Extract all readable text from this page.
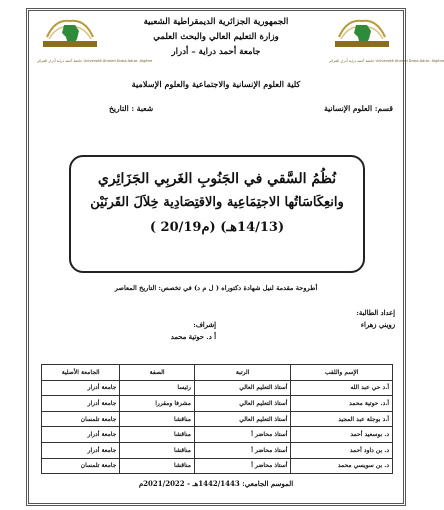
جامعة أحمد دراية أدرار الجزائر Université Ahmed Draia-Adrar- Algérie	جامعة أحمد دراية أدرار الجزائر Université Ahmed Draia-Adrar- Algérie
الجمهورية الجزائرية الديمقراطية الشعبية
وزارة التعليم العالي والبحث العلمي
جامعة أحمد دراية – أدرار
كلية العلوم الإنسانية والاجتماعية والعلوم الإسلامية
قسم: العلوم الإنسانية
شعبة : التاريخ
نُظُمُ السَّقي في الجَنُوبِ الغَربِي الجَزَائِري
وانعِكَاسَاتُها الاجتِمَاعِية والاقتِصَادِية خِلاَلَ القَرنَيْن
( 20/19م) (14/13هـ)
أطروحة مقدمة لنيل شهادة دكتوراه ( ل م د) في تخصص: التاريخ المعاصر
إعداد الطالبة:
زويني زهراء
إشراف:
أ د. حوتية محمد
الإسم واللقب	الرتبة	الصفة	الجامعة الأصلية
أ.د حي عبد الله	أستاذ التعليم العالي	رئيسا	جامعة أدرار
أ.د. حوتية محمد	أستاذ التعليم العالي	مشرفا ومقررا	جامعة أدرار
أ.د بوجلة عبد المجيد	أستاذ التعليم العالي	مناقشا	جامعة تلمسان
د. بوسعيد أحمد	أستاذ محاضر أ	مناقشا	جامعة أدرار
د. بن داود أحمد	أستاذ محاضر أ	مناقشا	جامعة أدرار
د. بن سويسي محمد	أستاذ محاضر أ	مناقشا	جامعة تلمسان
الموسم الجامعي: 1442/1443هـ - 2021/2022م
